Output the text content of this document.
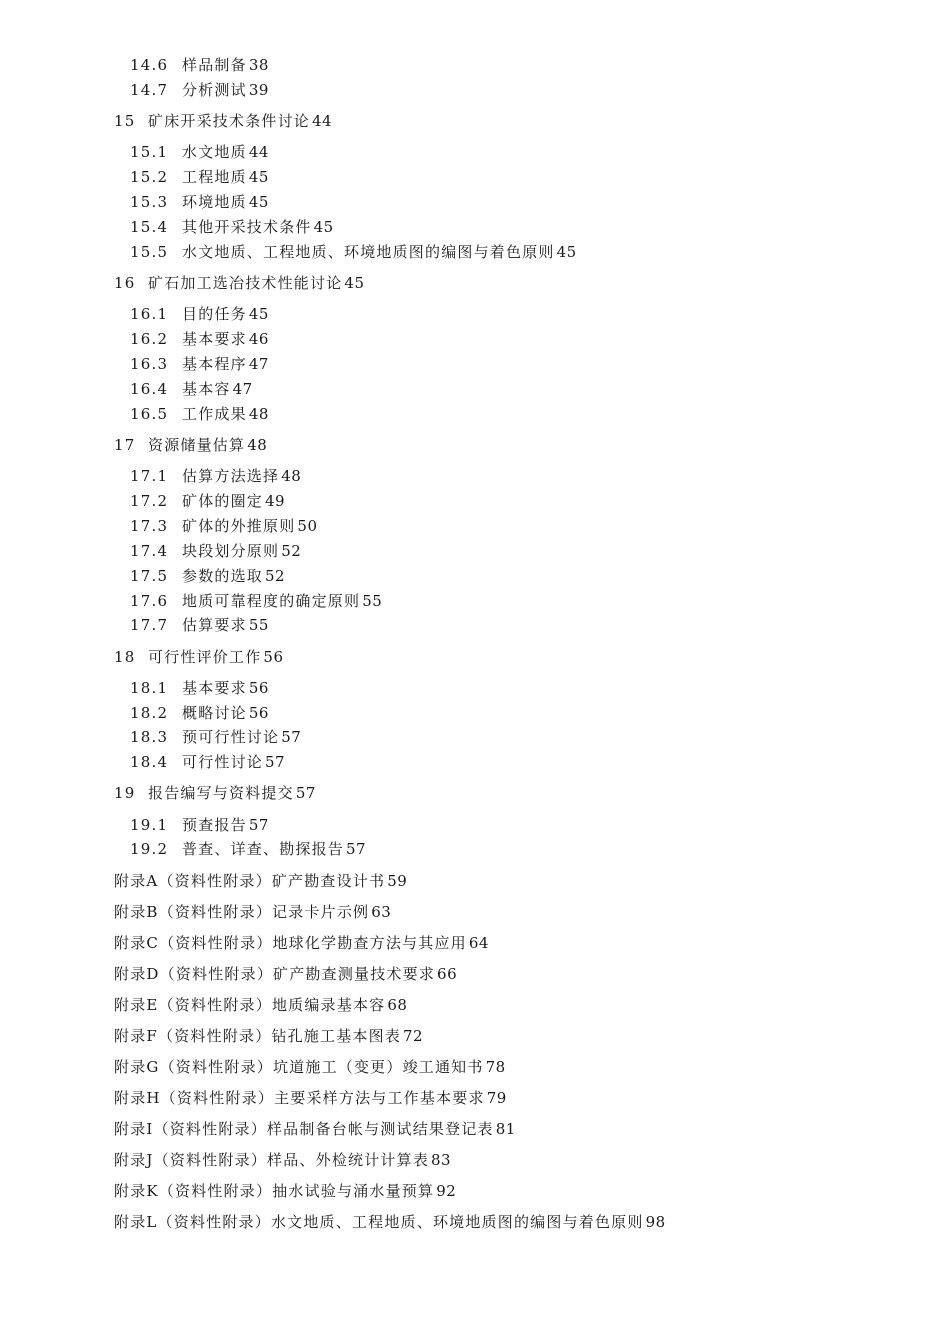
14.6 样品制备 38
14.7 分析测试 39
15 矿床开采技术条件讨论 44
15.1 水文地质 44
15.2 工程地质 45
15.3 环境地质 45
15.4 其他开采技术条件 45
15.5 水文地质、工程地质、环境地质图的编图与着色原则 45
16 矿石加工选冶技术性能讨论 45
16.1 目的任务 45
16.2 基本要求 46
16.3 基本程序 47
16.4 基本容 47
16.5 工作成果 48
17 资源储量估算 48
17.1 估算方法选择 48
17.2 矿体的圈定 49
17.3 矿体的外推原则 50
17.4 块段划分原则 52
17.5 参数的选取 52
17.6 地质可靠程度的确定原则 55
17.7 估算要求 55
18 可行性评价工作 56
18.1 基本要求 56
18.2 概略讨论 56
18.3 预可行性讨论 57
18.4 可行性讨论 57
19 报告编写与资料提交 57
19.1 预查报告 57
19.2 普查、详查、勘探报告 57
附录A（资料性附录）矿产勘查设计书 59
附录B（资料性附录）记录卡片示例 63
附录C（资料性附录）地球化学勘查方法与其应用 64
附录D（资料性附录）矿产勘查测量技术要求 66
附录E（资料性附录）地质编录基本容 68
附录F（资料性附录）钻孔施工基本图表 72
附录G（资料性附录）坑道施工（变更）竣工通知书 78
附录H（资料性附录）主要采样方法与工作基本要求 79
附录I（资料性附录）样品制备台帐与测试结果登记表 81
附录J（资料性附录）样品、外检统计计算表 83
附录K（资料性附录）抽水试验与涌水量预算 92
附录L（资料性附录）水文地质、工程地质、环境地质图的编图与着色原则 98
